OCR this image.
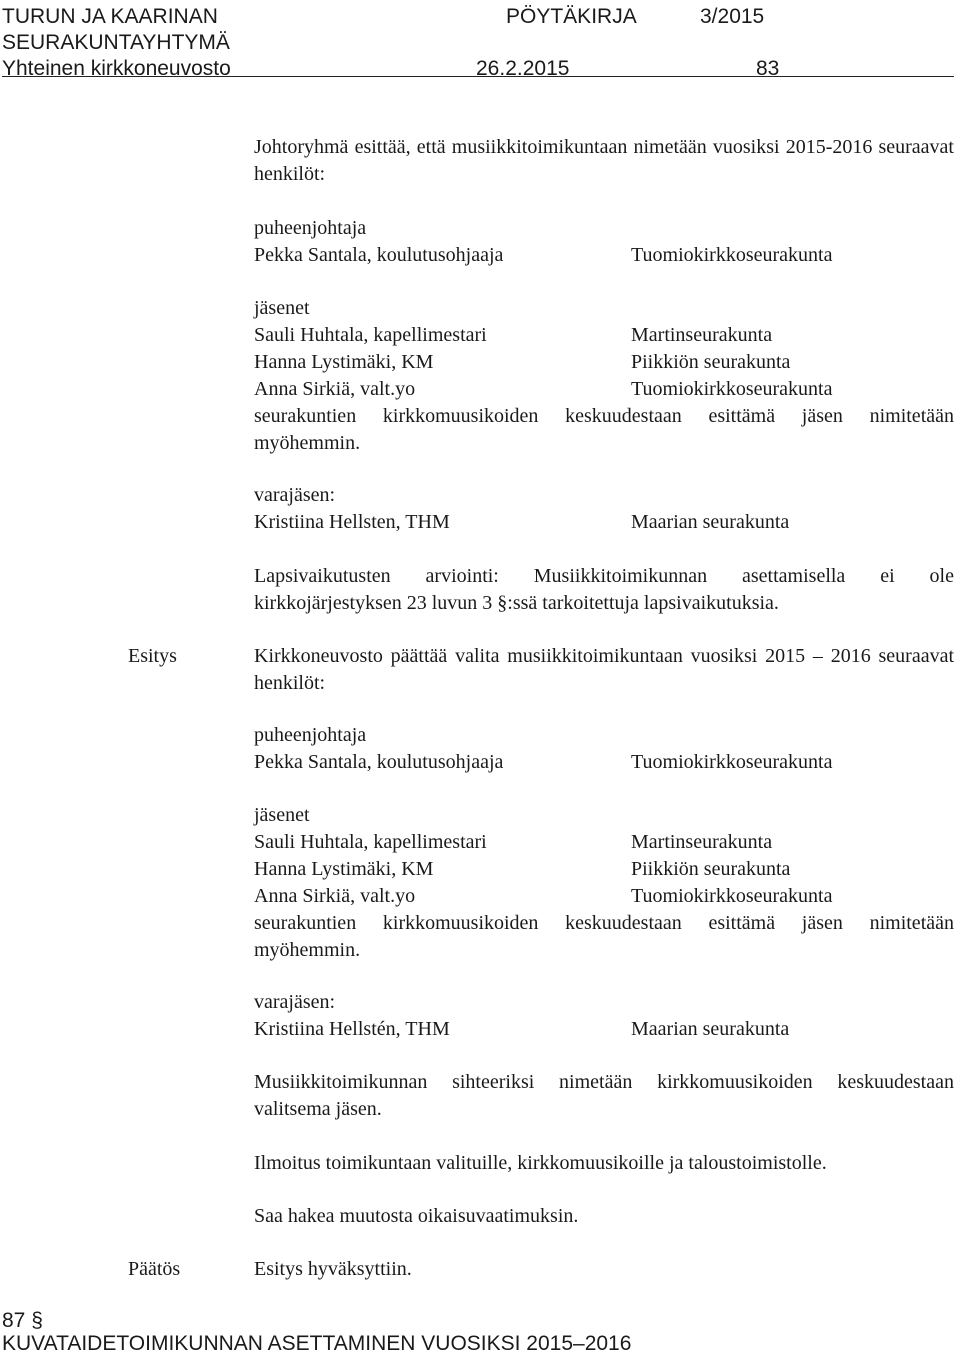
TURUN JA KAARINAN
SEURAKUNTAYHTYMÄ
Yhteinen kirkkoneuvosto
PÖYTÄKIRJA	3/2015
26.2.2015	83
Johtoryhmä esittää, että musiikkitoimikuntaan nimetään vuosiksi 2015-2016 seuraavat henkilöt:
puheenjohtaja
Pekka Santala, koulutusohjaaja	Tuomiokirkkoseurakunta
jäsenet
Sauli Huhtala, kapellimestari	Martinseurakunta
Hanna Lystimäki, KM	Piikkiön seurakunta
Anna Sirkiä, valt.yo	Tuomiokirkkoseurakunta
seurakuntien kirkkomuusikoiden keskuudestaan esittämä jäsen nimitetään myöhemmin.
varajäsen:
Kristiina Hellsten, THM	Maarian seurakunta
Lapsivaikutusten arviointi: Musiikkitoimikunnan asettamisella ei ole kirkkojärjestyksen 23 luvun 3 §:ssä tarkoitettuja lapsivaikutuksia.
Esitys	Kirkkoneuvosto päättää valita musiikkitoimikuntaan vuosiksi 2015 – 2016 seuraavat henkilöt:
puheenjohtaja
Pekka Santala, koulutusohjaaja	Tuomiokirkkoseurakunta
jäsenet
Sauli Huhtala, kapellimestari	Martinseurakunta
Hanna Lystimäki, KM	Piikkiön seurakunta
Anna Sirkiä, valt.yo	Tuomiokirkkoseurakunta
seurakuntien kirkkomuusikoiden keskuudestaan esittämä jäsen nimitetään myöhemmin.
varajäsen:
Kristiina Hellstén, THM	Maarian seurakunta
Musiikkitoimikunnan sihteeriksi nimetään kirkkomuusikoiden keskuudestaan valitsema jäsen.
Ilmoitus toimikuntaan valituille, kirkkomuusikoille ja taloustoimistolle.
Saa hakea muutosta oikaisuvaatimuksin.
Päätös	Esitys hyväksyttiin.
87 §
KUVATAIDETOIMIKUNNAN ASETTAMINEN VUOSIKSI 2015–2016
